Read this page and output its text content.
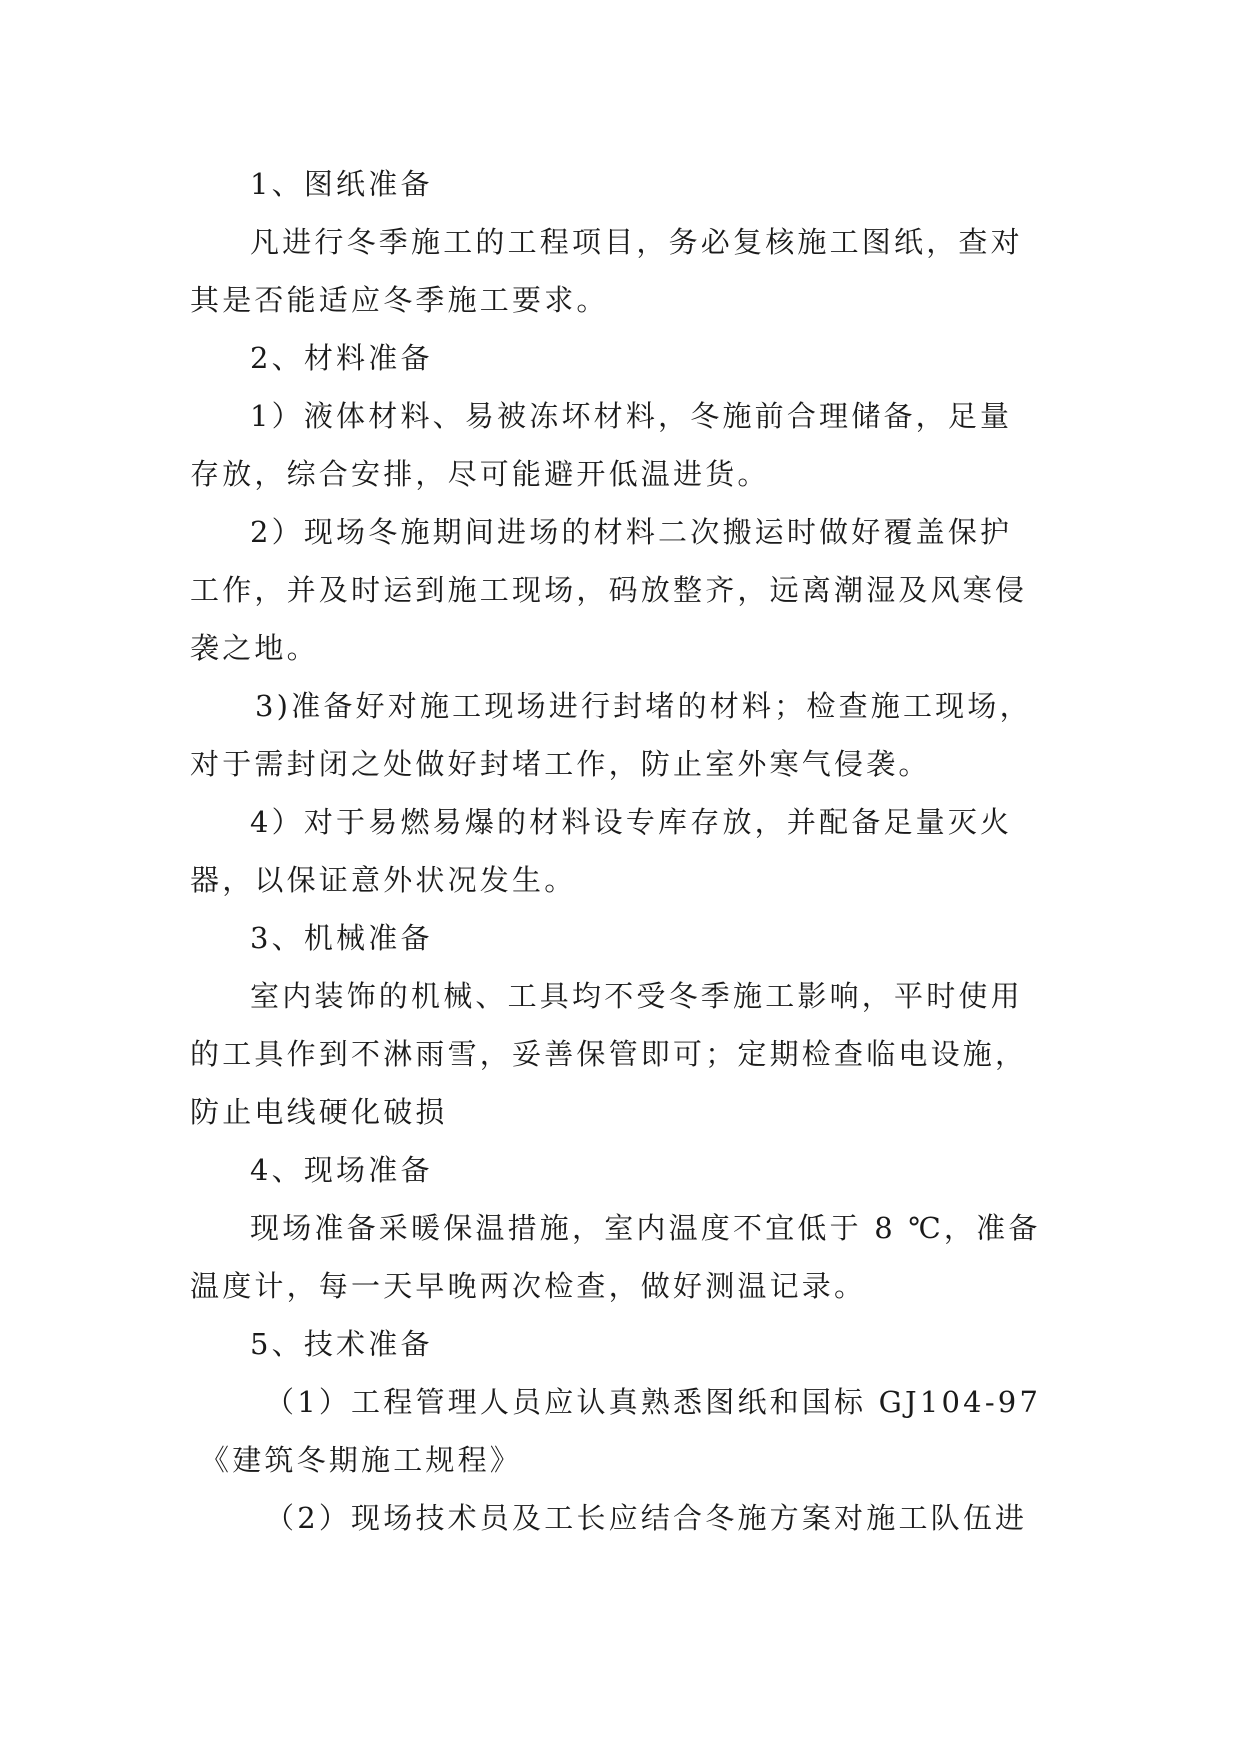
1、图纸准备
凡进行冬季施工的工程项目，务必复核施工图纸，查对
其是否能适应冬季施工要求。
2、材料准备
1）液体材料、易被冻坏材料，冬施前合理储备，足量
存放，综合安排，尽可能避开低温进货。
2）现场冬施期间进场的材料二次搬运时做好覆盖保护
工作，并及时运到施工现场，码放整齐，远离潮湿及风寒侵
袭之地。
3)准备好对施工现场进行封堵的材料；检查施工现场，
对于需封闭之处做好封堵工作，防止室外寒气侵袭。
4）对于易燃易爆的材料设专库存放，并配备足量灭火
器，以保证意外状况发生。
3、机械准备
室内装饰的机械、工具均不受冬季施工影响，平时使用
的工具作到不淋雨雪，妥善保管即可；定期检查临电设施，
防止电线硬化破损
4、现场准备
现场准备采暖保温措施，室内温度不宜低于 8 ℃，准备
温度计，每一天早晚两次检查，做好测温记录。
5、技术准备
（1）工程管理人员应认真熟悉图纸和国标 GJ104-97
《建筑冬期施工规程》
（2）现场技术员及工长应结合冬施方案对施工队伍进
